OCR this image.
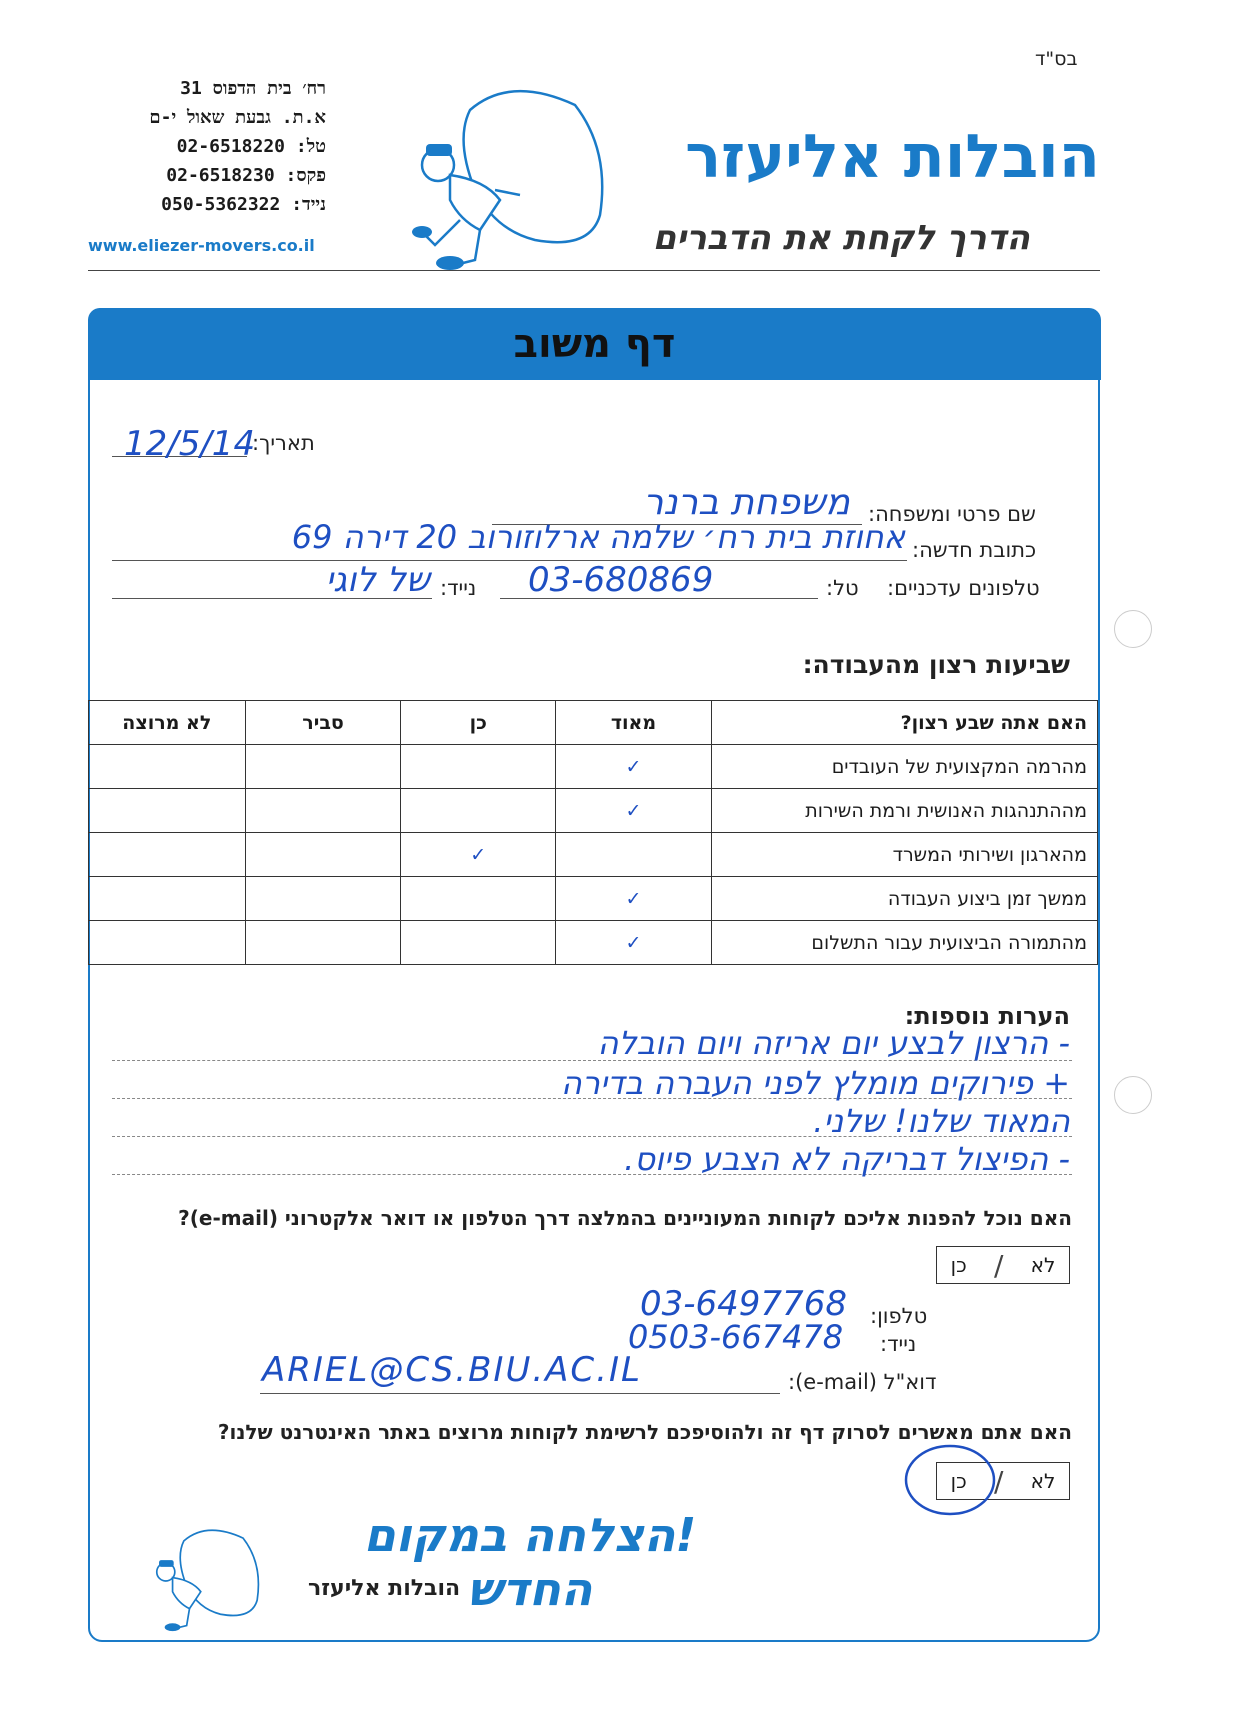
בס"ד
רח׳ בית הדפוס 31
א.ת. גבעת שאול י-ם
טל: 02-6518220
פקס: 02-6518230
נייד: 050-5362322
www.eliezer-movers.co.il
הובלות אליעזר
הדרך לקחת את הדברים
דף משוב
תאריך:
12/5/14
שם פרטי ומשפחה:
משפחת ברנר
כתובת חדשה:
אחוזת בית רח׳ שלמה ארלוזורוב 20 דירה 69
טלפונים עדכניים:
טל:
03-680869
נייד:
של לוגי
שביעות רצון מהעבודה:
האם אתה שבע רצון?	מאוד	כן	סביר	לא מרוצה
מהרמה המקצועית של העובדים	✓			
מההתנהגות האנושית ורמת השירות	✓			
מהארגון ושירותי המשרד		✓		
ממשך זמן ביצוע העבודה	✓			
מהתמורה הביצועית עבור התשלום	✓			
הערות נוספות:
- הרצון לבצע יום אריזה ויום הובלה
+ פירוקים מומלץ לפני העברה בדירה
המאוד שלנו! שלני.
- הפיצול דבריקה לא הצבע פיוס.
האם נוכל להפנות אליכם לקוחות המעוניינים בהמלצה דרך הטלפון או דואר אלקטרוני (e-mail)?
לא
/
כן
טלפון:
03-6497768
נייד:
0503-667478
דוא"ל (e-mail):
ARIEL@CS.BIU.AC.IL
האם אתם מאשרים לסרוק דף זה ולהוסיפכם לרשימת לקוחות מרוצים באתר האינטרנט שלנו?
לא
/
כן
!הצלחה במקום החדש
הובלות אליעזר
